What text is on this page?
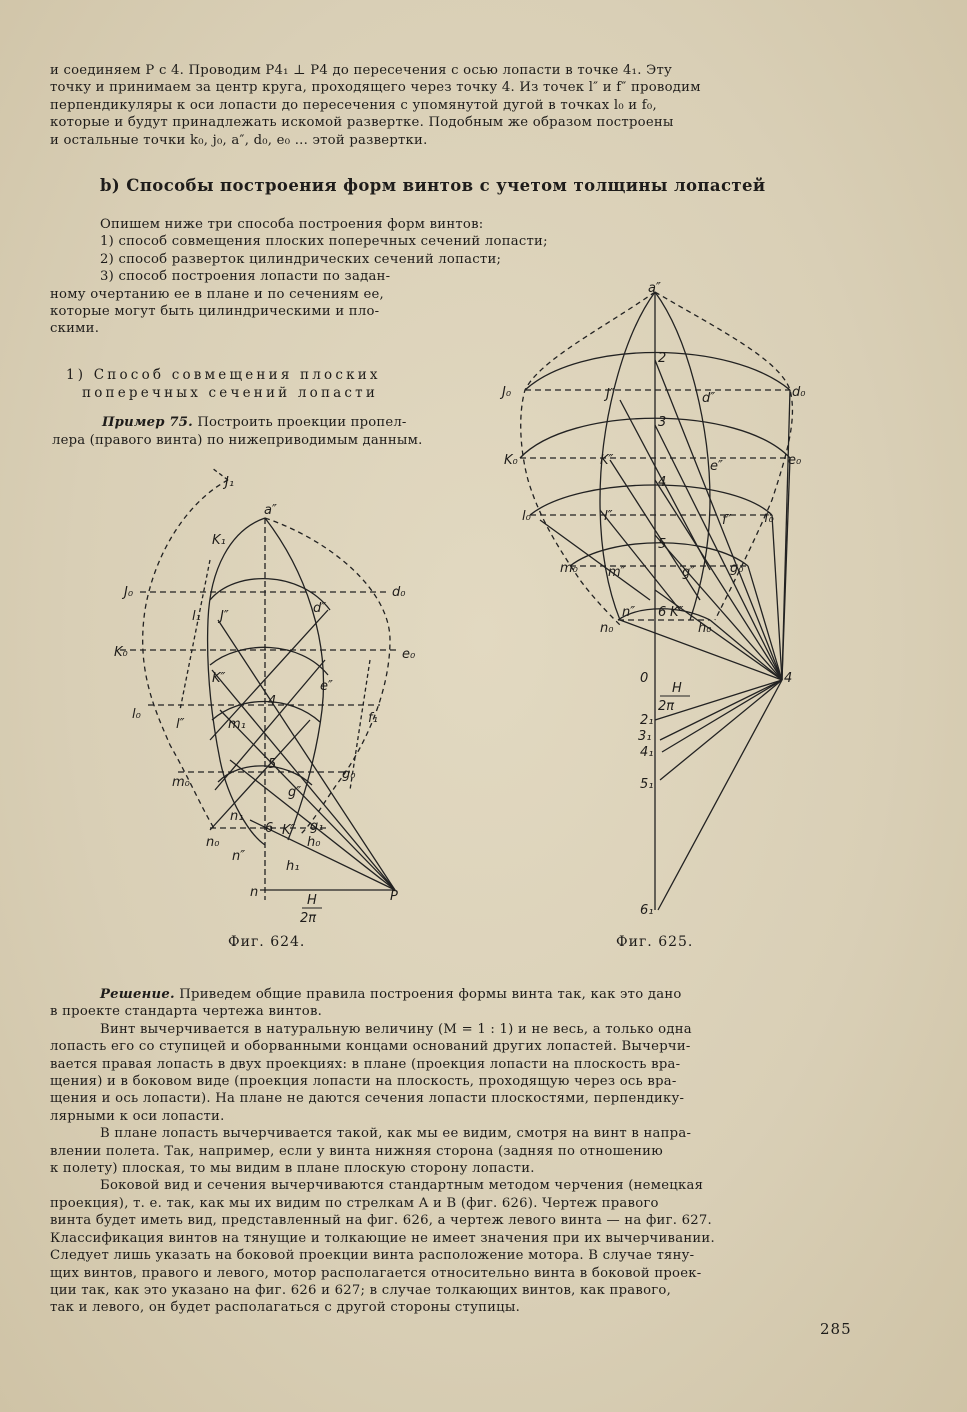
и соединяем P с 4. Проводим P4₁ ⊥ P4 до пересечения с осью лопасти в точке 4₁. Эту
точку и принимаем за центр круга, проходящего через точку 4. Из точек l″ и f″ проводим
перпендикуляры к оси лопасти до пересечения с упомянутой дугой в точках l₀ и f₀,
которые и будут принадлежать искомой развертке. Подобным же образом построены
и остальные точки k₀, j₀, a″, d₀, e₀ ... этой развертки.
b) Способы построения форм винтов с учетом толщины лопастей
Опишем ниже три способа построения форм винтов:
1) способ совмещения плоских поперечных сечений лопасти;
2) способ разверток цилиндрических сечений лопасти;
3) способ построения лопасти по задан-
ному очертанию ее в плане и по сечениям ее,
которые могут быть цилиндрическими и пло-
скими.
1) Способ совмещения плоских
поперечных сечений лопасти
Пример 75. Построить проекции пропел-
лера (правого винта) по нижеприводимым данным.
a″
J₁
K₁
d₀
J₀
J″
d″
l₁
K₀	e₀
K″
e″
l₀
4
l″	m₁	f₁
5
m₀
g″
g₀
n₁
6 K″
n₀
n″
h₀
g₁
h₁
n	P
H
2π
a″
2
J₀	J″	d″	d₀
3
K₀	K″	e″	e₀
4
l₀	l″	f″	f₀
5
m₀ m″	g″	g₀
n″ 6 K″
n₀	h₀
0	4
H
2π
2₁
3₁
4₁
5₁
6₁
Фиг. 624.	Фиг. 625.
Решение. Приведем общие правила построения формы винта так, как это дано
в проекте стандарта чертежа винтов.
Винт вычерчивается в натуральную величину (M = 1 : 1) и не весь, а только одна
лопасть его со ступицей и оборванными концами оснований других лопастей. Вычерчи-
вается правая лопасть в двух проекциях: в плане (проекция лопасти на плоскость вра-
щения) и в боковом виде (проекция лопасти на плоскость, проходящую через ось вра-
щения и ось лопасти). На плане не даются сечения лопасти плоскостями, перпендику-
лярными к оси лопасти.
В плане лопасть вычерчивается такой, как мы ее видим, смотря на винт в напра-
влении полета. Так, например, если у винта нижняя сторона (задняя по отношению
к полету) плоская, то мы видим в плане плоскую сторону лопасти.
Боковой вид и сечения вычерчиваются стандартным методом черчения (немецкая
проекция), т. е. так, как мы их видим по стрелкам A и B (фиг. 626). Чертеж правого
винта будет иметь вид, представленный на фиг. 626, а чертеж левого винта — на фиг. 627.
Классификация винтов на тянущие и толкающие не имеет значения при их вычерчивании.
Следует лишь указать на боковой проекции винта расположение мотора. В случае тяну-
щих винтов, правого и левого, мотор располагается относительно винта в боковой проек-
ции так, как это указано на фиг. 626 и 627; в случае толкающих винтов, как правого,
так и левого, он будет располагаться с другой стороны ступицы.
285
